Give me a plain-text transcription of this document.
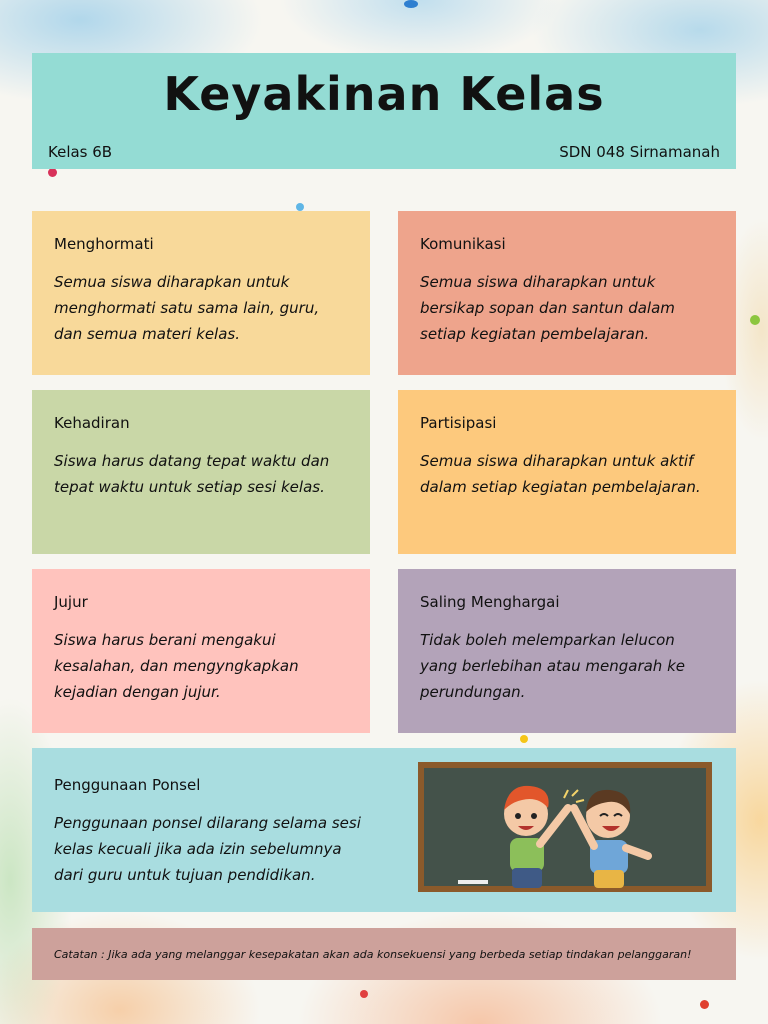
Keyakinan Kelas
Kelas 6B	SDN 048 Sirnamanah
Menghormati
Semua siswa diharapkan untuk menghormati satu sama lain, guru, dan semua materi kelas.
Komunikasi
Semua siswa diharapkan untuk bersikap sopan dan santun dalam setiap kegiatan pembelajaran.
Kehadiran
Siswa harus datang tepat waktu dan tepat waktu untuk setiap sesi kelas.
Partisipasi
Semua siswa diharapkan untuk aktif dalam setiap kegiatan pembelajaran.
Jujur
Siswa harus berani mengakui kesalahan, dan mengyngkapkan kejadian dengan jujur.
Saling Menghargai
Tidak boleh melemparkan lelucon yang berlebihan atau mengarah ke perundungan.
Penggunaan Ponsel
Penggunaan ponsel dilarang selama sesi kelas kecuali jika ada izin sebelumnya dari guru untuk tujuan pendidikan.
Catatan : Jika ada yang melanggar kesepakatan akan ada konsekuensi yang berbeda setiap tindakan pelanggaran!
